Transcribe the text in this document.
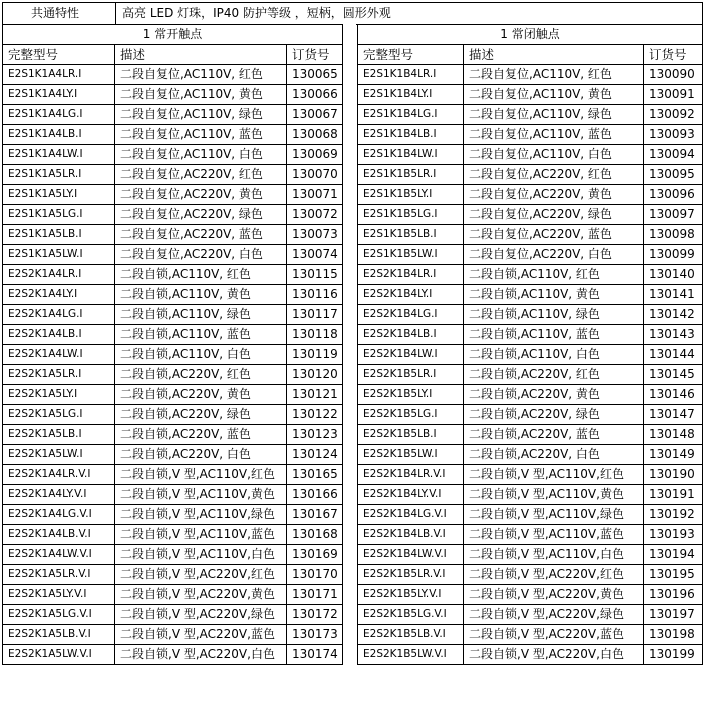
共通特性	高亮 LED 灯珠，IP40 防护等级 ，短柄，圆形外观
1 常开触点		
完整型号	描述	订货号
E2S1K1A4LR.I	二段自复位,AC110V, 红色	130065
E2S1K1A4LY.I	二段自复位,AC110V, 黄色	130066
E2S1K1A4LG.I	二段自复位,AC110V, 绿色	130067
E2S1K1A4LB.I	二段自复位,AC110V, 蓝色	130068
E2S1K1A4LW.I	二段自复位,AC110V, 白色	130069
E2S1K1A5LR.I	二段自复位,AC220V, 红色	130070
E2S1K1A5LY.I	二段自复位,AC220V, 黄色	130071
E2S1K1A5LG.I	二段自复位,AC220V, 绿色	130072
E2S1K1A5LB.I	二段自复位,AC220V, 蓝色	130073
E2S1K1A5LW.I	二段自复位,AC220V, 白色	130074
E2S2K1A4LR.I	二段自锁,AC110V, 红色	130115
E2S2K1A4LY.I	二段自锁,AC110V, 黄色	130116
E2S2K1A4LG.I	二段自锁,AC110V, 绿色	130117
E2S2K1A4LB.I	二段自锁,AC110V, 蓝色	130118
E2S2K1A4LW.I	二段自锁,AC110V, 白色	130119
E2S2K1A5LR.I	二段自锁,AC220V, 红色	130120
E2S2K1A5LY.I	二段自锁,AC220V, 黄色	130121
E2S2K1A5LG.I	二段自锁,AC220V, 绿色	130122
E2S2K1A5LB.I	二段自锁,AC220V, 蓝色	130123
E2S2K1A5LW.I	二段自锁,AC220V, 白色	130124
E2S2K1A4LR.V.I	二段自锁,V 型,AC110V,红色	130165
E2S2K1A4LY.V.I	二段自锁,V 型,AC110V,黄色	130166
E2S2K1A4LG.V.I	二段自锁,V 型,AC110V,绿色	130167
E2S2K1A4LB.V.I	二段自锁,V 型,AC110V,蓝色	130168
E2S2K1A4LW.V.I	二段自锁,V 型,AC110V,白色	130169
E2S2K1A5LR.V.I	二段自锁,V 型,AC220V,红色	130170
E2S2K1A5LY.V.I	二段自锁,V 型,AC220V,黄色	130171
E2S2K1A5LG.V.I	二段自锁,V 型,AC220V,绿色	130172
E2S2K1A5LB.V.I	二段自锁,V 型,AC220V,蓝色	130173
E2S2K1A5LW.V.I	二段自锁,V 型,AC220V,白色	130174
1 常闭触点		
完整型号	描述	订货号
E2S1K1B4LR.I	二段自复位,AC110V, 红色	130090
E2S1K1B4LY.I	二段自复位,AC110V, 黄色	130091
E2S1K1B4LG.I	二段自复位,AC110V, 绿色	130092
E2S1K1B4LB.I	二段自复位,AC110V, 蓝色	130093
E2S1K1B4LW.I	二段自复位,AC110V, 白色	130094
E2S1K1B5LR.I	二段自复位,AC220V, 红色	130095
E2S1K1B5LY.I	二段自复位,AC220V, 黄色	130096
E2S1K1B5LG.I	二段自复位,AC220V, 绿色	130097
E2S1K1B5LB.I	二段自复位,AC220V, 蓝色	130098
E2S1K1B5LW.I	二段自复位,AC220V, 白色	130099
E2S2K1B4LR.I	二段自锁,AC110V, 红色	130140
E2S2K1B4LY.I	二段自锁,AC110V, 黄色	130141
E2S2K1B4LG.I	二段自锁,AC110V, 绿色	130142
E2S2K1B4LB.I	二段自锁,AC110V, 蓝色	130143
E2S2K1B4LW.I	二段自锁,AC110V, 白色	130144
E2S2K1B5LR.I	二段自锁,AC220V, 红色	130145
E2S2K1B5LY.I	二段自锁,AC220V, 黄色	130146
E2S2K1B5LG.I	二段自锁,AC220V, 绿色	130147
E2S2K1B5LB.I	二段自锁,AC220V, 蓝色	130148
E2S2K1B5LW.I	二段自锁,AC220V, 白色	130149
E2S2K1B4LR.V.I	二段自锁,V 型,AC110V,红色	130190
E2S2K1B4LY.V.I	二段自锁,V 型,AC110V,黄色	130191
E2S2K1B4LG.V.I	二段自锁,V 型,AC110V,绿色	130192
E2S2K1B4LB.V.I	二段自锁,V 型,AC110V,蓝色	130193
E2S2K1B4LW.V.I	二段自锁,V 型,AC110V,白色	130194
E2S2K1B5LR.V.I	二段自锁,V 型,AC220V,红色	130195
E2S2K1B5LY.V.I	二段自锁,V 型,AC220V,黄色	130196
E2S2K1B5LG.V.I	二段自锁,V 型,AC220V,绿色	130197
E2S2K1B5LB.V.I	二段自锁,V 型,AC220V,蓝色	130198
E2S2K1B5LW.V.I	二段自锁,V 型,AC220V,白色	130199
